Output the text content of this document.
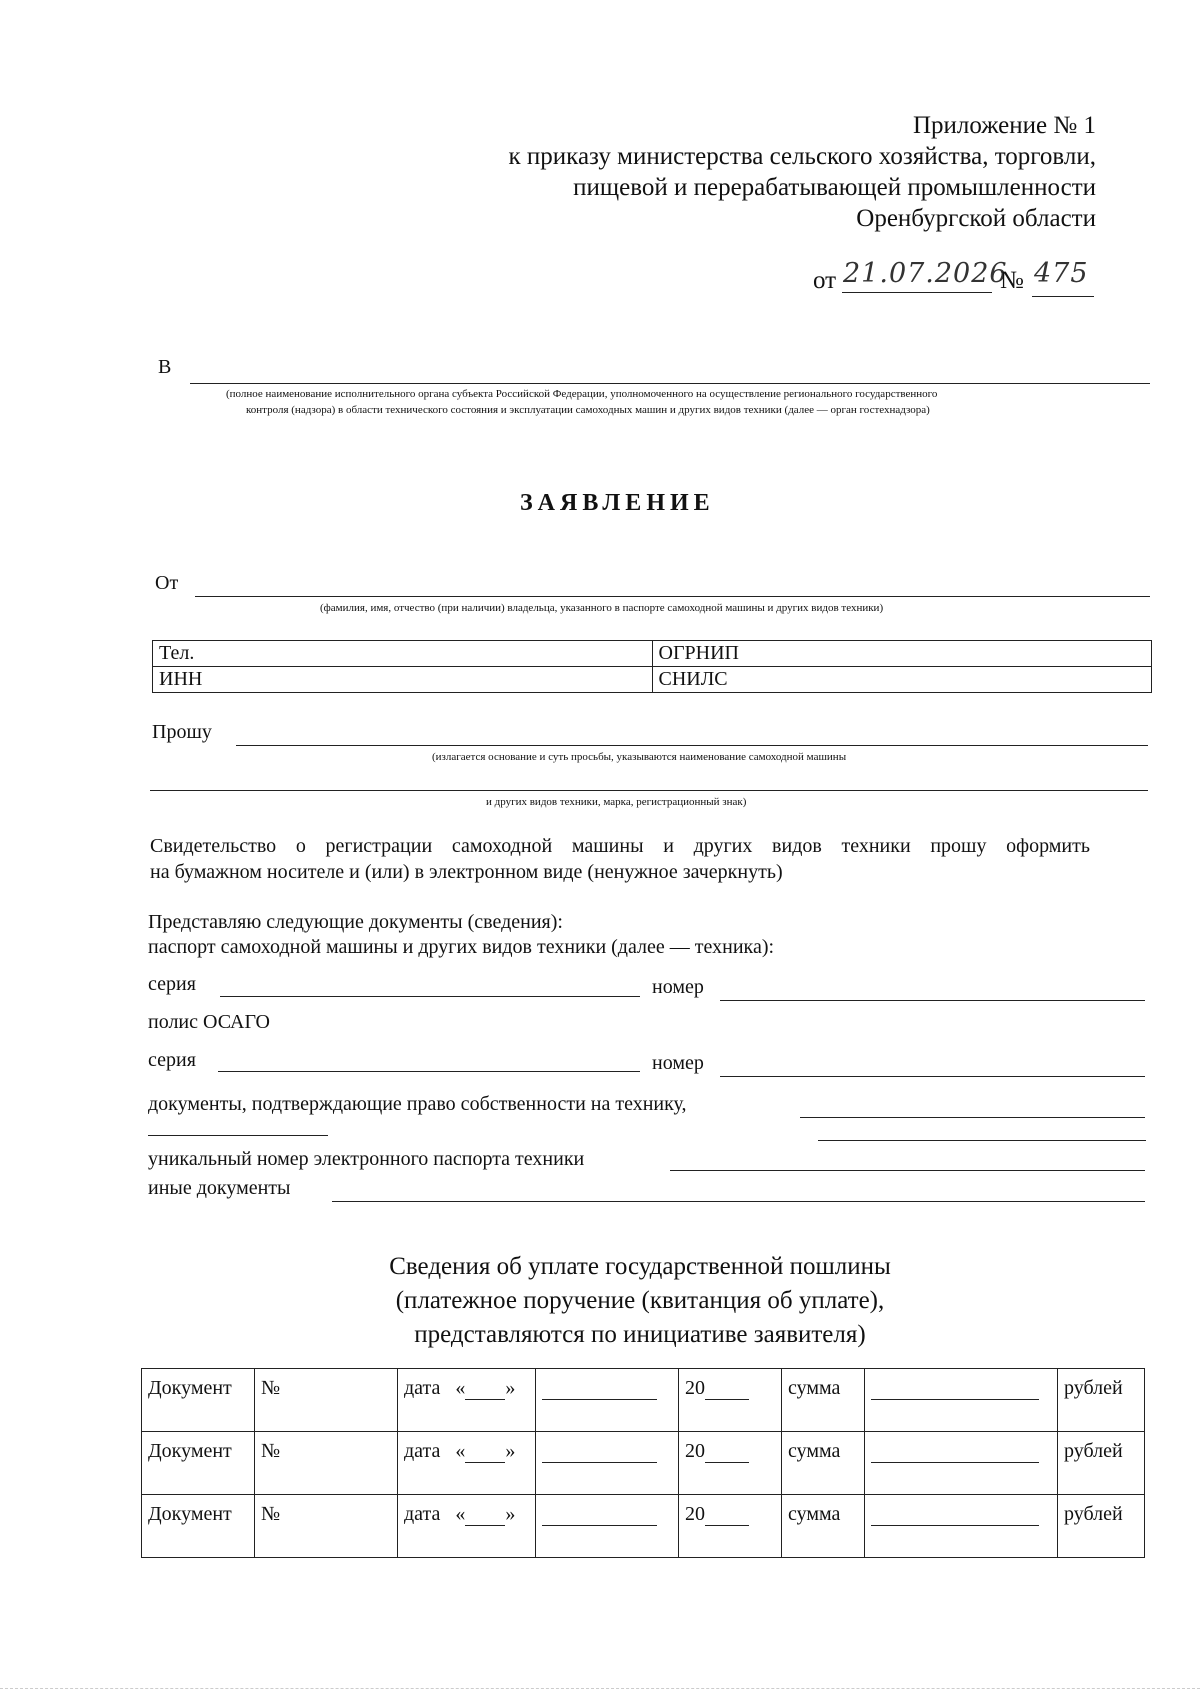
Приложение № 1
к приказу министерства сельского хозяйства, торговли,
пищевой и перерабатывающей промышленности
Оренбургской области
от 21.07.2026
№ 475
В
(полное наименование исполнительного органа субъекта Российской Федерации, уполномоченного на осуществление регионального государственного
контроля (надзора) в области технического состояния и эксплуатации самоходных машин и других видов техники (далее — орган гостехнадзора)
ЗАЯВЛЕНИЕ
От
(фамилия, имя, отчество (при наличии) владельца, указанного в паспорте самоходной машины и других видов техники)
Тел.	ОГРНИП
ИНН	СНИЛС
Прошу
(излагается основание и суть просьбы, указываются наименование самоходной машины
и других видов техники, марка, регистрационный знак)
Свидетельство о регистрации самоходной машины и других видов техники прошу оформить
на бумажном носителе и (или) в электронном виде (ненужное зачеркнуть)
Представляю следующие документы (сведения):
паспорт самоходной машины и других видов техники (далее — техника):
серия	номер
полис ОСАГО
серия	номер
документы, подтверждающие право собственности на технику,
уникальный номер электронного паспорта техники
иные документы
Сведения об уплате государственной пошлины
(платежное поручение (квитанция об уплате),
представляются по инициативе заявителя)
Документ	№	дата « »		20	сумма		рублей
Документ	№	дата « »		20	сумма		рублей
Документ	№	дата « »		20	сумма		рублей
